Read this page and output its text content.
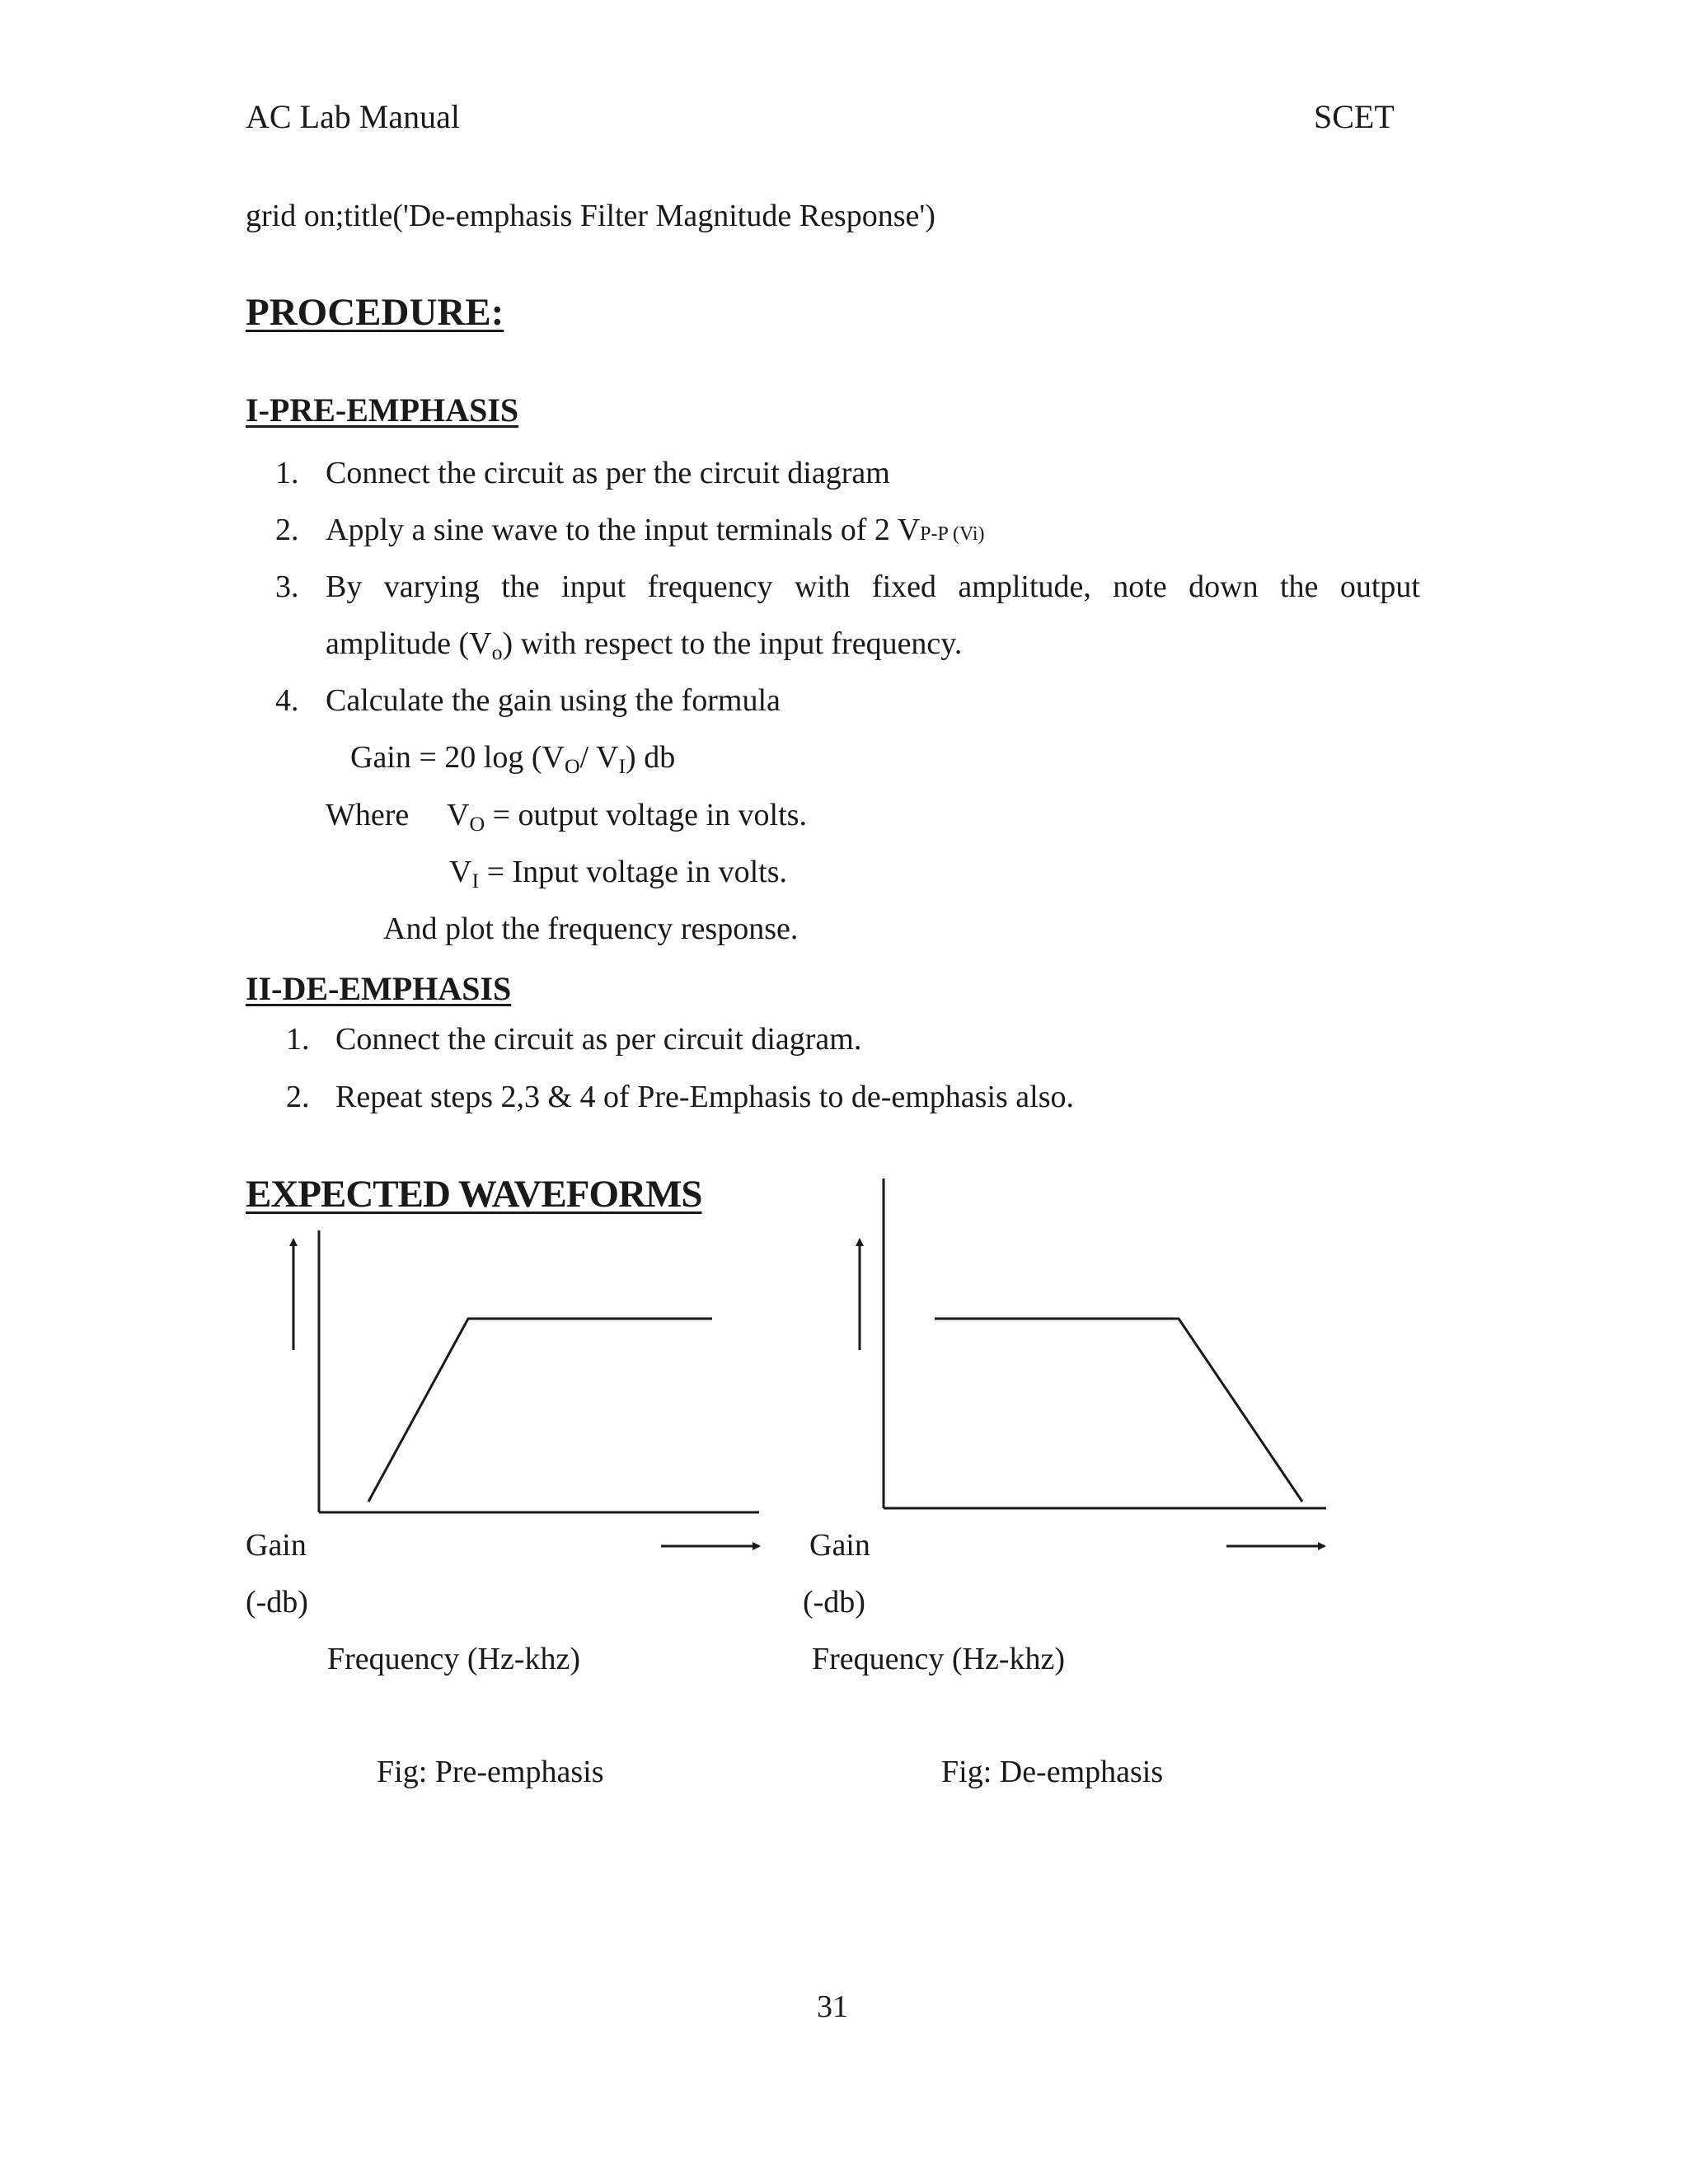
AC Lab Manual	SCET
grid on;title('De-emphasis Filter Magnitude Response')
PROCEDURE:
I-PRE-EMPHASIS
1. Connect the circuit as per the circuit diagram
2. Apply a sine wave to the input terminals of 2 VP-P (Vi)
3. By varying the input frequency with fixed amplitude, note down the output
amplitude $(V_o)$ with respect to the input frequency.
4. Calculate the gain using the formula
Gain = 20 $\log (V_O/$ $V_I$) db
Where $V_O$ = output voltage in volts.
$V_I$ = Input voltage in volts.
And plot the frequency response.
II-DE-EMPHASIS
1. Connect the circuit as per circuit diagram.
2. Repeat steps 2,3 & 4 of Pre-Emphasis to de-emphasis also.
EXPECTED WAVEFORMS
Gain
(-db)
Frequency (Hz-khz)
Fig: Pre-emphasis
Gain
(-db)
Frequency (Hz-khz)
Fig: De-emphasis
31
